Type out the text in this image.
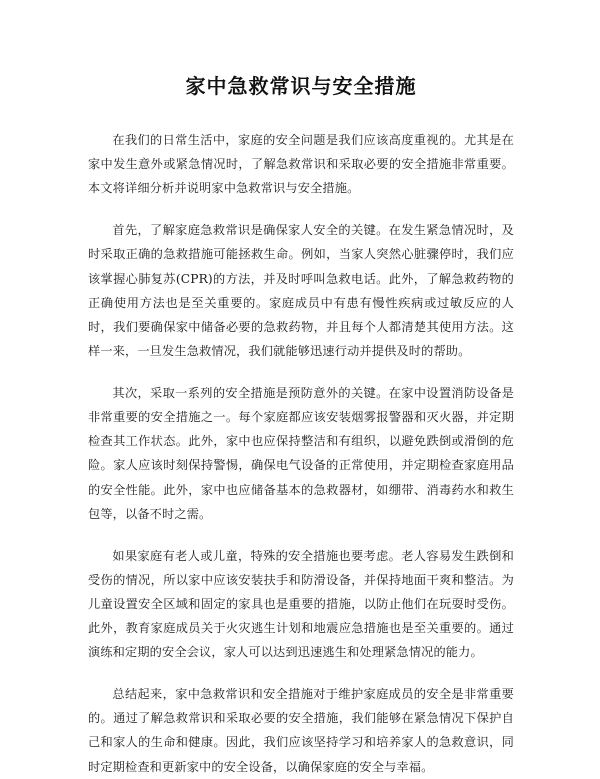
家中急救常识与安全措施

在我们的日常生活中，家庭的安全问题是我们应该高度重视的。尤其是在家中发生意外或紧急情况时，了解急救常识和采取必要的安全措施非常重要。本文将详细分析并说明家中急救常识与安全措施。

首先，了解家庭急救常识是确保家人安全的关键。在发生紧急情况时，及时采取正确的急救措施可能拯救生命。例如，当家人突然心脏骤停时，我们应该掌握心肺复苏(CPR)的方法，并及时呼叫急救电话。此外，了解急救药物的正确使用方法也是至关重要的。家庭成员中有患有慢性疾病或过敏反应的人时，我们要确保家中储备必要的急救药物，并且每个人都清楚其使用方法。这样一来，一旦发生急救情况，我们就能够迅速行动并提供及时的帮助。

其次，采取一系列的安全措施是预防意外的关键。在家中设置消防设备是非常重要的安全措施之一。每个家庭都应该安装烟雾报警器和灭火器，并定期检查其工作状态。此外，家中也应保持整洁和有组织，以避免跌倒或滑倒的危险。家人应该时刻保持警惕，确保电气设备的正常使用，并定期检查家庭用品的安全性能。此外，家中也应储备基本的急救器材，如绷带、消毒药水和救生包等，以备不时之需。

如果家庭有老人或儿童，特殊的安全措施也要考虑。老人容易发生跌倒和受伤的情况，所以家中应该安装扶手和防滑设备，并保持地面干爽和整洁。为儿童设置安全区域和固定的家具也是重要的措施，以防止他们在玩耍时受伤。此外，教育家庭成员关于火灾逃生计划和地震应急措施也是至关重要的。通过演练和定期的安全会议，家人可以达到迅速逃生和处理紧急情况的能力。

总结起来，家中急救常识和安全措施对于维护家庭成员的安全是非常重要的。通过了解急救常识和采取必要的安全措施，我们能够在紧急情况下保护自己和家人的生命和健康。因此，我们应该坚持学习和培养家人的急救意识，同时定期检查和更新家中的安全设备，以确保家庭的安全与幸福。
